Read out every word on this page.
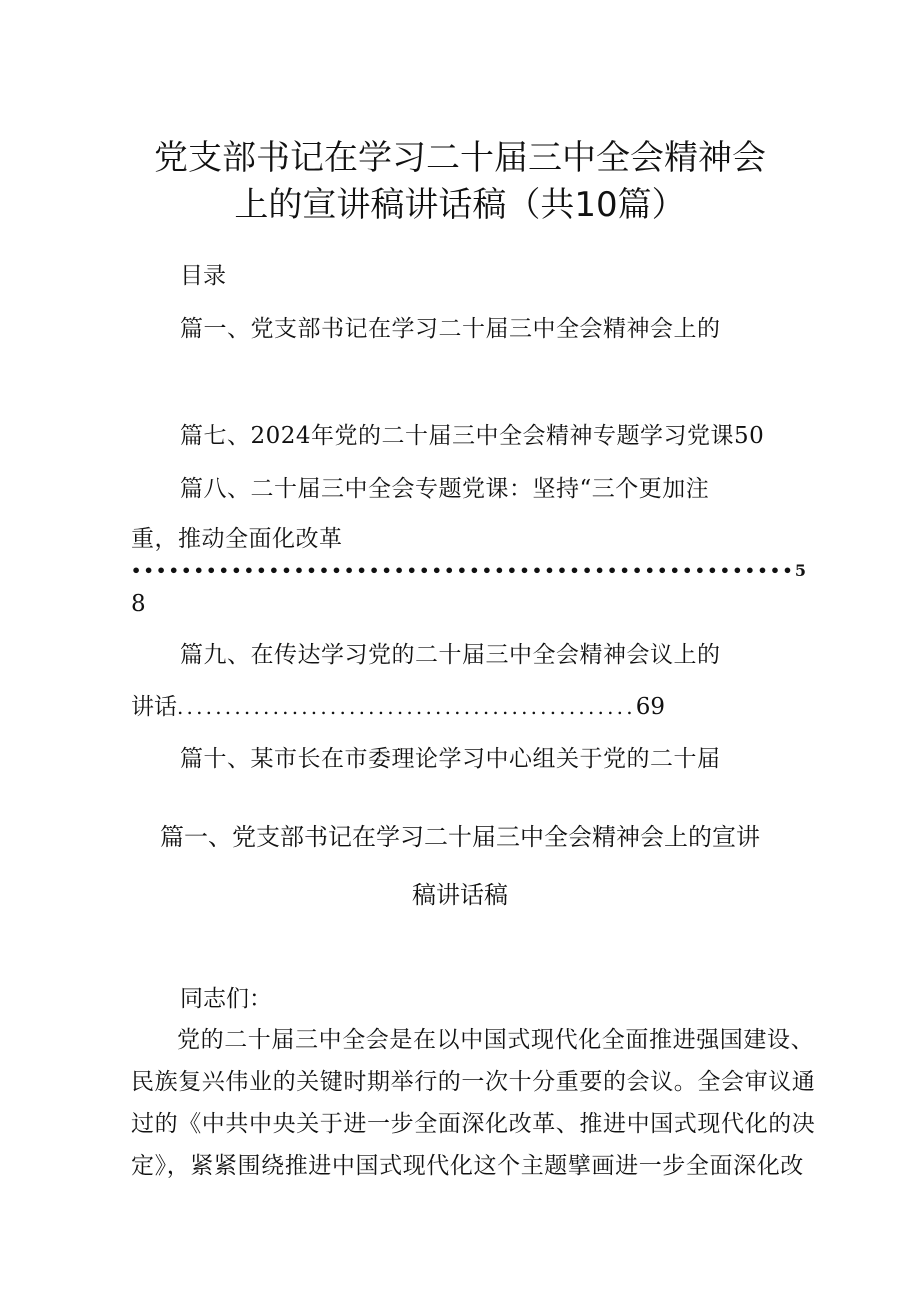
党支部书记在学习二十届三中全会精神会
上的宣讲稿讲话稿（共10篇）
目录
篇一、党支部书记在学习二十届三中全会精神会上的
篇七、2024年党的二十届三中全会精神专题学习党课50
篇八、二十届三中全会专题党课：坚持“三个更加注
重，推动全面化改革
•••••••••••••••••••••••••••••••••••••••••••••••••••••5
8
篇九、在传达学习党的二十届三中全会精神会议上的
讲话................................................69
篇十、某市长在市委理论学习中心组关于党的二十届
篇一、党支部书记在学习二十届三中全会精神会上的宣讲
稿讲话稿
同志们：
党的二十届三中全会是在以中国式现代化全面推进强国建设、
民族复兴伟业的关键时期举行的一次十分重要的会议。全会审议通
过的《中共中央关于进一步全面深化改革、推进中国式现代化的决
定》，紧紧围绕推进中国式现代化这个主题擘画进一步全面深化改
